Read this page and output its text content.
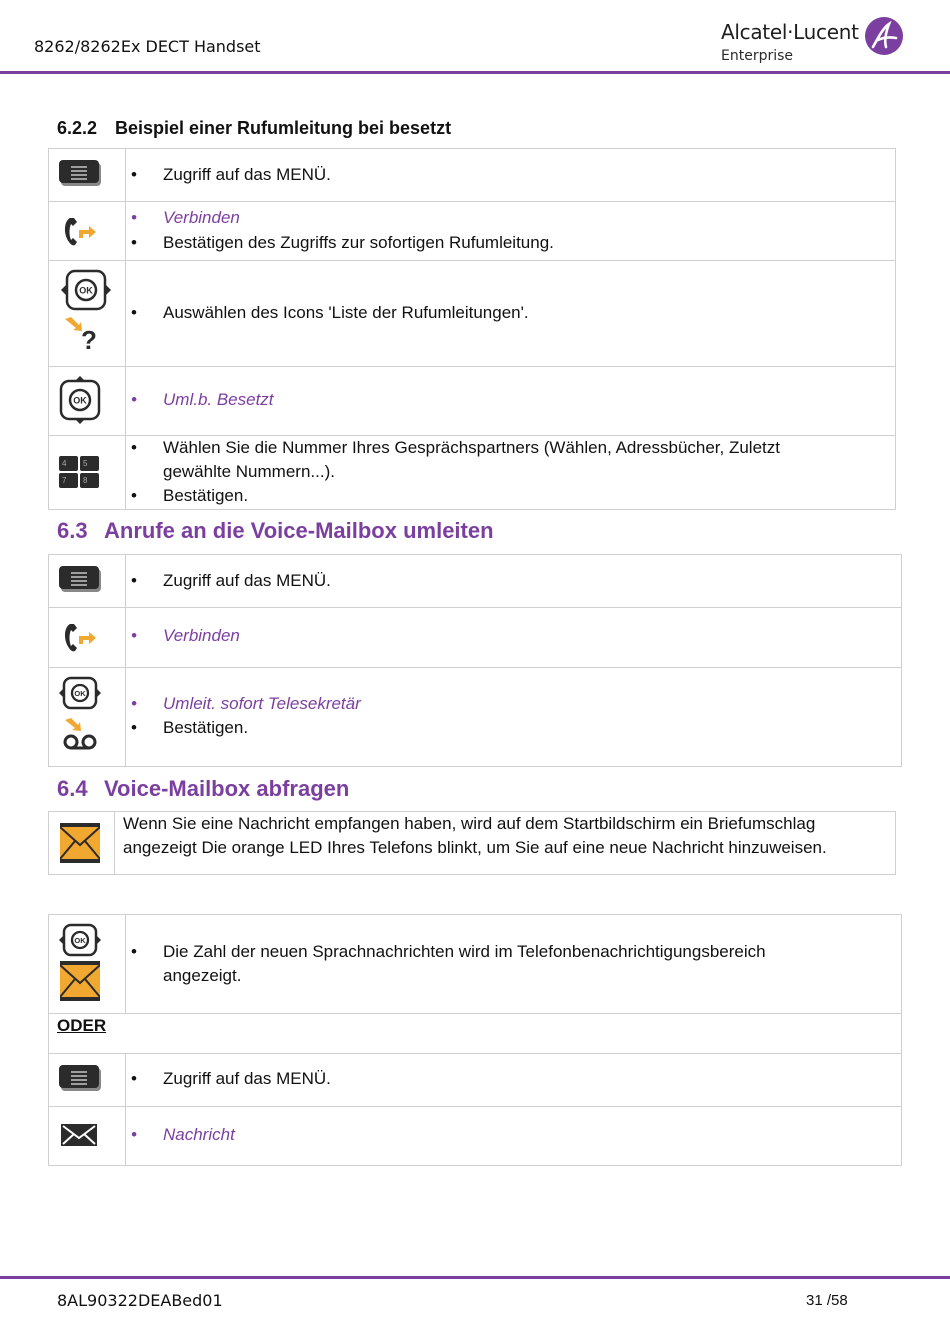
8262/8262Ex DECT Handset
Alcatel·Lucent
Enterprise
6.2.2 Beispiel einer Rufumleitung bei besetzt
• Zugriff auf das MENÜ.
• Verbinden
• Bestätigen des Zugriffs zur sofortigen Rufumleitung.
OK
?
• Auswählen des Icons 'Liste der Rufumleitungen'.
OK
•	Uml.b. Besetzt
4 5
7 8
• Wählen Sie die Nummer Ihres Gesprächspartners (Wählen, Adressbücher, Zuletzt gewählte Nummern...).
• Bestätigen.
6.3 Anrufe an die Voice-Mailbox umleiten
• Zugriff auf das MENÜ.
• Verbinden
OK
• Umleit. sofort Telesekretär
• Bestätigen.
6.4 Voice-Mailbox abfragen
Wenn Sie eine Nachricht empfangen haben, wird auf dem Startbildschirm ein Briefumschlag angezeigt Die orange LED Ihres Telefons blinkt, um Sie auf eine neue Nachricht hinzuweisen.
OK
• Die Zahl der neuen Sprachnachrichten wird im Telefonbenachrichtigungsbereich angezeigt.
ODER
• Zugriff auf das MENÜ.
• Nachricht
8AL90322DEABed01	31 /58
